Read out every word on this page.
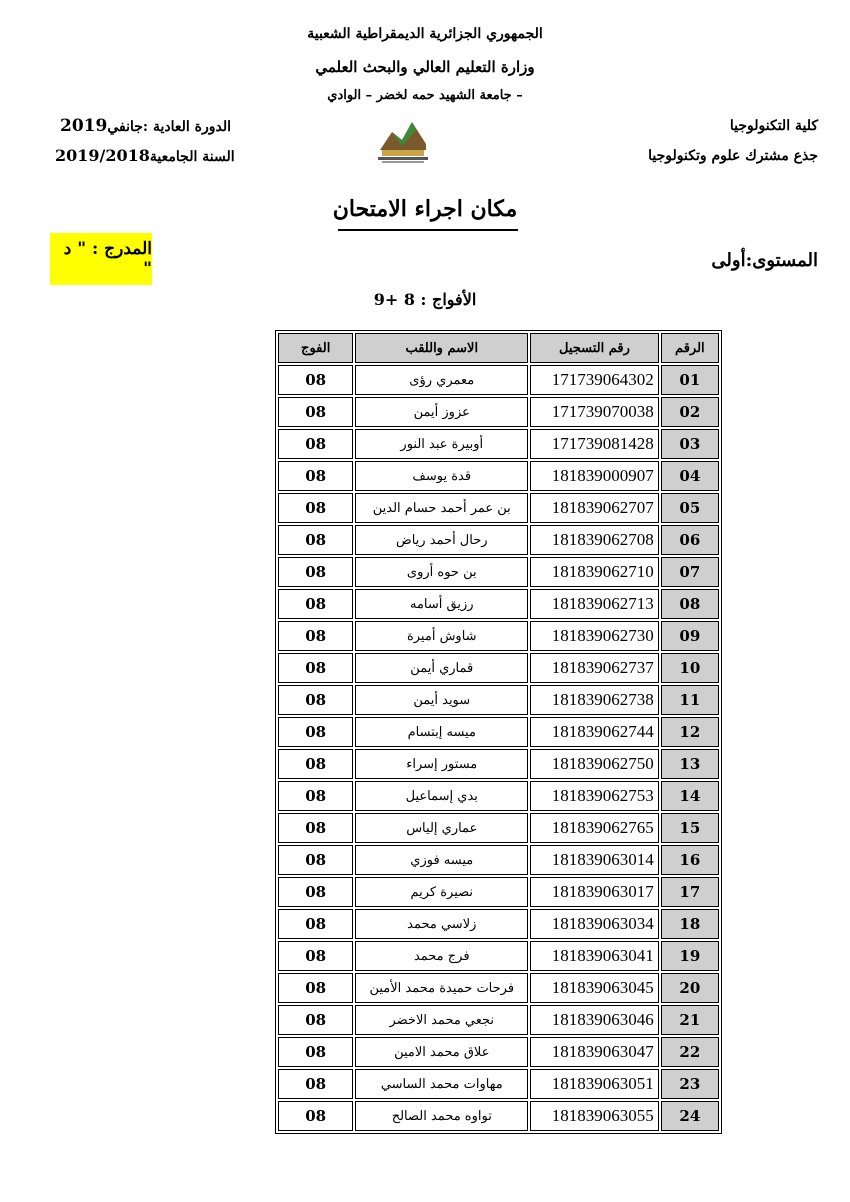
الجمهوري الجزائرية الديمقراطية الشعبية
وزارة التعليم العالي والبحث العلمي
جامعة الشهيد حمه لخضر – الوادي –
كلية التكنولوجيا
جذع مشترك علوم وتكنولوجيا
الدورة العادية :جانفي2019
السنة الجامعية2019/2018
مكان اجراء الامتحان
المدرج : " د "	المستوى:أولى
الأفواج : 8 +9
الرقم	رقم التسجيل	الاسم واللقب	الفوج
01	171739064302	معمري رؤى	08
02	171739070038	عزوز أيمن	08
03	171739081428	أوبيرة عبد النور	08
04	181839000907	قدة يوسف	08
05	181839062707	بن عمر أحمد حسام الدين	08
06	181839062708	رحال أحمد رياض	08
07	181839062710	بن حوه أروى	08
08	181839062713	رزيق أسامه	08
09	181839062730	شاوش أميرة	08
10	181839062737	قماري أيمن	08
11	181839062738	سويد أيمن	08
12	181839062744	ميسه إبتسام	08
13	181839062750	مستور إسراء	08
14	181839062753	بدي إسماعيل	08
15	181839062765	عماري إلياس	08
16	181839063014	ميسه فوزي	08
17	181839063017	نصيرة كريم	08
18	181839063034	زلاسي محمد	08
19	181839063041	فرج محمد	08
20	181839063045	فرحات حميدة محمد الأمين	08
21	181839063046	نجعي محمد الاخضر	08
22	181839063047	علاق محمد الامين	08
23	181839063051	مهاوات محمد الساسي	08
24	181839063055	تواوه محمد الصالح	08
